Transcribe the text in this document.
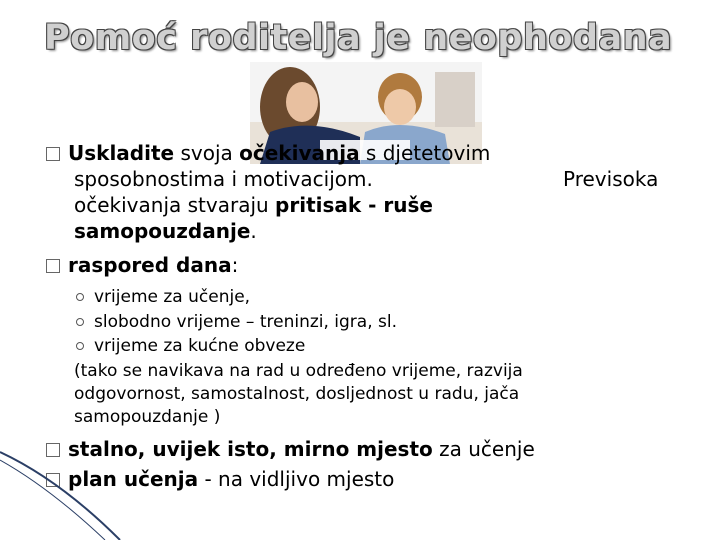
Pomoć roditelja je neophodana
Uskladite svoja očekivanja s djetetovim
sposobnostima i motivacijom.	Previsoka
očekivanja stvaraju pritisak - ruše
samopouzdanje.
raspored dana:
vrijeme za učenje,
slobodno vrijeme – treninzi, igra, sl.
vrijeme za kućne obveze
(tako se navikava na rad u određeno vrijeme, razvija
odgovornost, samostalnost, dosljednost u radu, jača
samopouzdanje )
stalno, uvijek isto, mirno mjesto za učenje
plan učenja - na vidljivo mjesto
